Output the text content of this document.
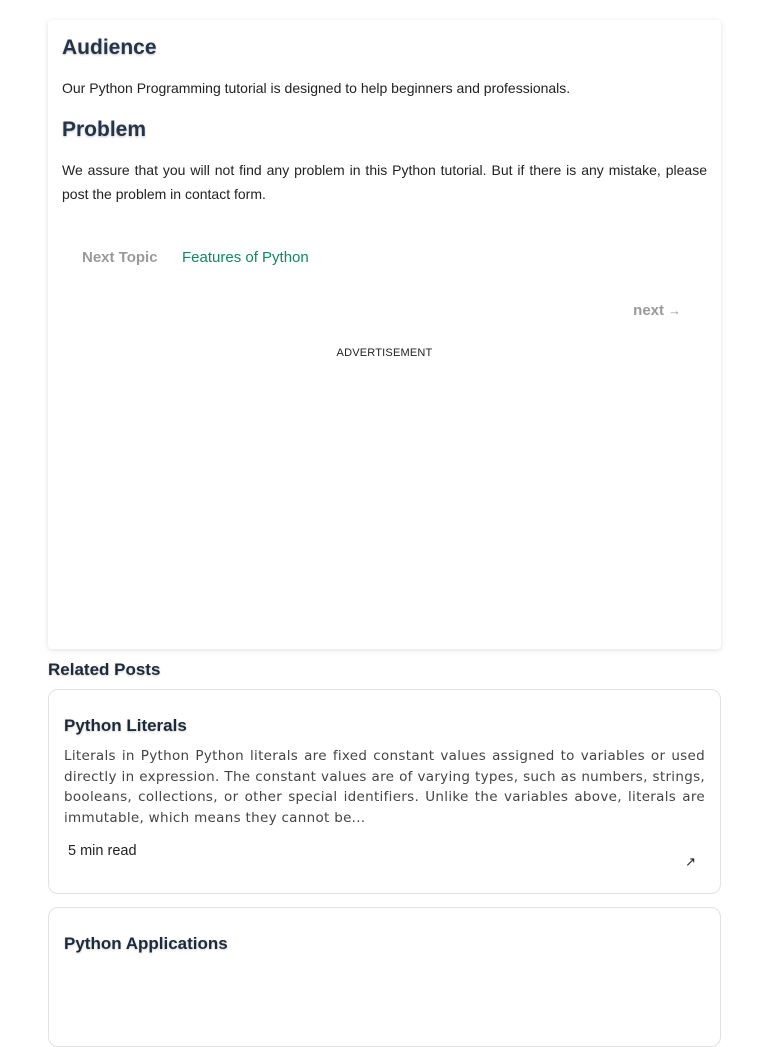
Audience

Our Python Programming tutorial is designed to help beginners and professionals.

Problem

We assure that you will not find any problem in this Python tutorial. But if there is any mistake, please post the problem in contact form.

Next Topic Features of Python
next →
ADVERTISEMENT
Related Posts
Python Literals

Literals in Python Python literals are fixed constant values assigned to variables or used directly in expression. The constant values are of varying types, such as numbers, strings, booleans, collections, or other special identifiers. Unlike the variables above, literals are immutable, which means they cannot be...

5 min read
↗
Python Applications
